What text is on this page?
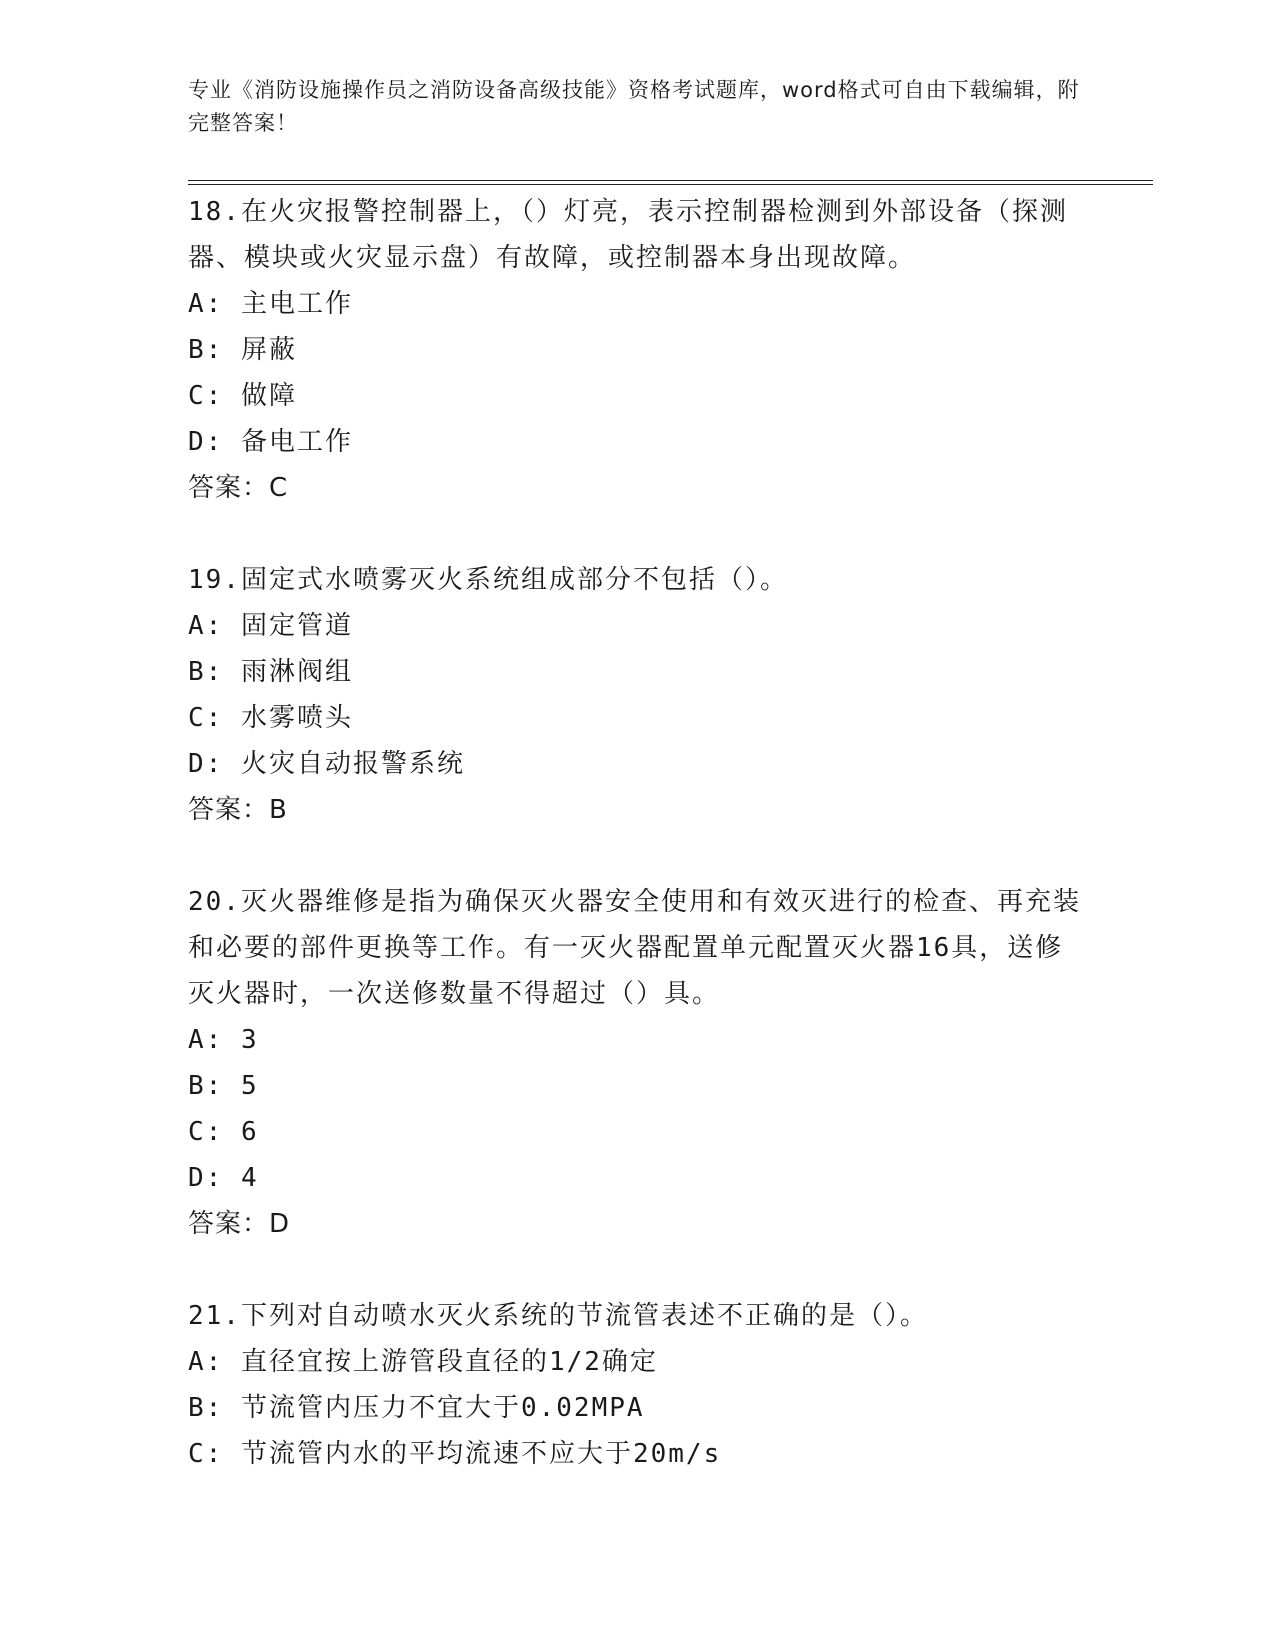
专业《消防设施操作员之消防设备高级技能》资格考试题库，word格式可自由下载编辑，附完整答案！
18.在火灾报警控制器上，（）灯亮，表示控制器检测到外部设备（探测器、模块或火灾显示盘）有故障，或控制器本身出现故障。
A: 主电工作
B: 屏蔽
C: 做障
D: 备电工作
答案：C
19.固定式水喷雾灭火系统组成部分不包括（）。
A: 固定管道
B: 雨淋阀组
C: 水雾喷头
D: 火灾自动报警系统
答案：B
20.灭火器维修是指为确保灭火器安全使用和有效灭进行的检查、再充装和必要的部件更换等工作。有一灭火器配置单元配置灭火器16具，送修灭火器时，一次送修数量不得超过（）具。
A: 3
B: 5
C: 6
D: 4
答案：D
21.下列对自动喷水灭火系统的节流管表述不正确的是（）。
A: 直径宜按上游管段直径的1/2确定
B: 节流管内压力不宜大于0.02MPA
C: 节流管内水的平均流速不应大于20m/s
